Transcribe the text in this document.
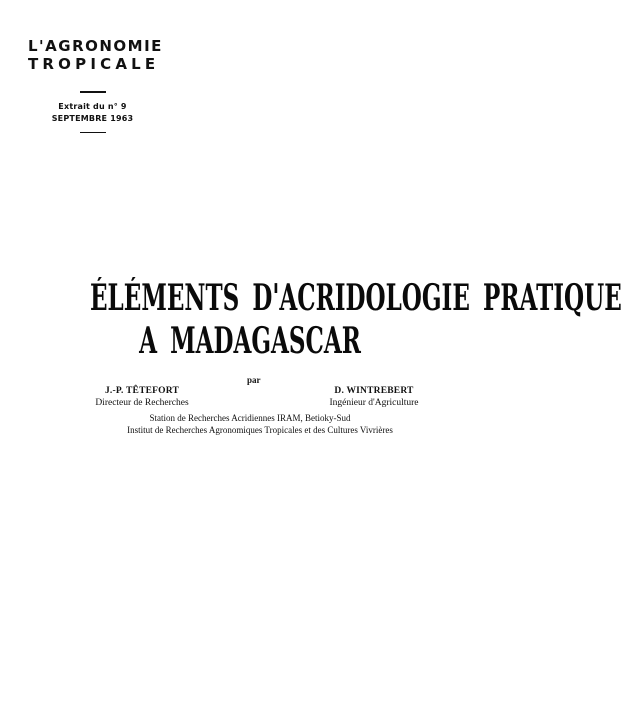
L'AGRONOMIE
TROPICALE
Extrait du n° 9
SEPTEMBRE 1963
ÉLÉMENTS D'ACRIDOLOGIE PRATIQUE
A MADAGASCAR
par
J.-P. TÊTEFORT
Directeur de Recherches
D. WINTREBERT
Ingénieur d'Agriculture
Station de Recherches Acridiennes IRAM, Betioky-Sud
Institut de Recherches Agronomiques Tropicales et des Cultures Vivrières
